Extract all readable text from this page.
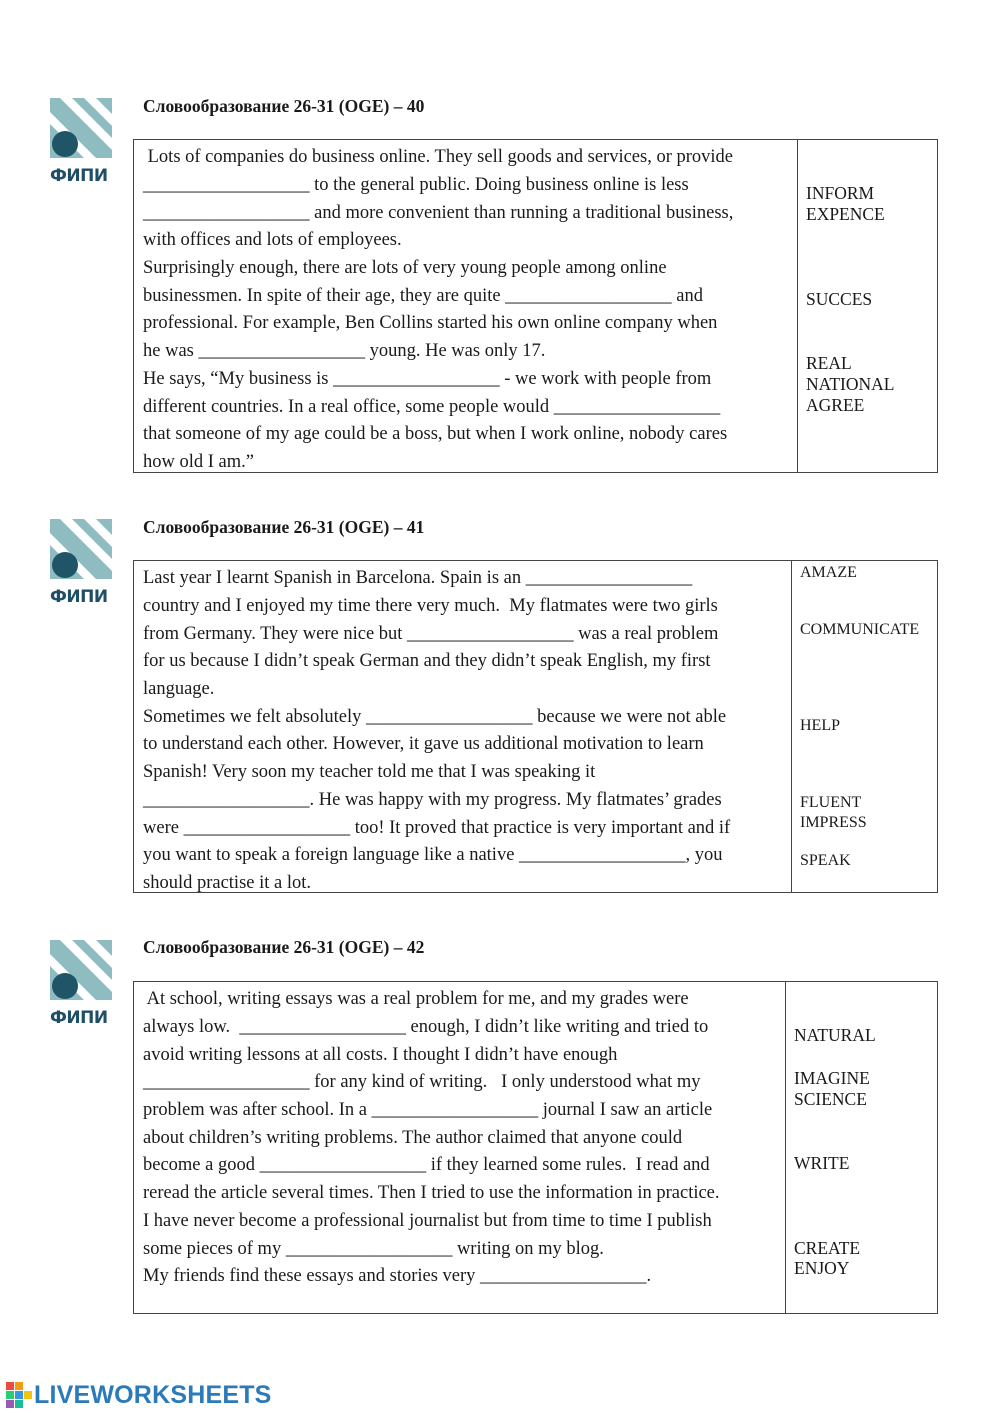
ФИПИ
Словообразование 26-31 (OGE) – 40
Lots of companies do business online. They sell goods and services, or provide
__________________ to the general public. Doing business online is less
__________________ and more convenient than running a traditional business,
with offices and lots of employees.
Surprisingly enough, there are lots of very young people among online
businessmen. In spite of their age, they are quite __________________ and
professional. For example, Ben Collins started his own online company when
he was __________________ young. He was only 17.
He says, “My business is __________________ - we work with people from
different countries. In a real office, some people would __________________
that someone of my age could be a boss, but when I work online, nobody cares
how old I am.”
INFORM
EXPENCE
SUCCES
REAL
NATIONAL
AGREE
ФИПИ
Словообразование 26-31 (OGE) – 41
Last year I learnt Spanish in Barcelona. Spain is an __________________
country and I enjoyed my time there very much.  My flatmates were two girls
from Germany. They were nice but __________________ was a real problem
for us because I didn’t speak German and they didn’t speak English, my first
language.
Sometimes we felt absolutely __________________ because we were not able
to understand each other. However, it gave us additional motivation to learn
Spanish! Very soon my teacher told me that I was speaking it
__________________. He was happy with my progress. My flatmates’ grades
were __________________ too! It proved that practice is very important and if
you want to speak a foreign language like a native __________________, you
should practise it a lot.
AMAZE
COMMUNICATE
HELP
FLUENT
IMPRESS
SPEAK
ФИПИ
Словообразование 26-31 (OGE) – 42
At school, writing essays was a real problem for me, and my grades were
always low.  __________________ enough, I didn’t like writing and tried to
avoid writing lessons at all costs. I thought I didn’t have enough
__________________ for any kind of writing.   I only understood what my
problem was after school. In a __________________ journal I saw an article
about children’s writing problems. The author claimed that anyone could
become a good __________________ if they learned some rules.  I read and
reread the article several times. Then I tried to use the information in practice.
I have never become a professional journalist but from time to time I publish
some pieces of my __________________ writing on my blog.
My friends find these essays and stories very __________________.
NATURAL
IMAGINE
SCIENCE
WRITE
CREATE
ENJOY
LIVEWORKSHEETS
